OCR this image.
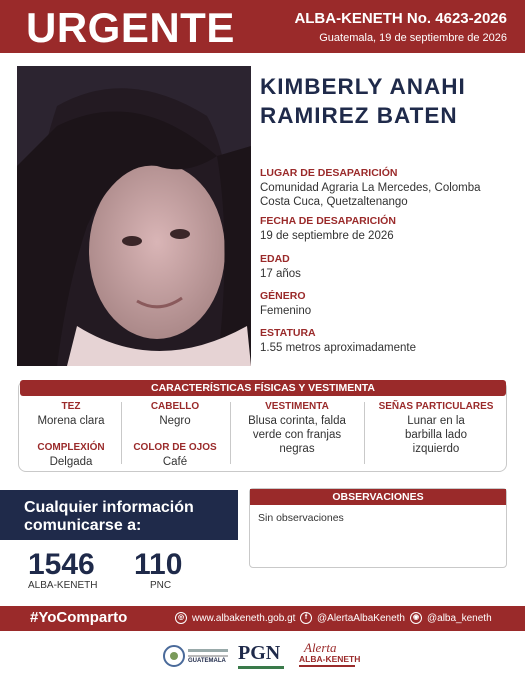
URGENTE	ALBA-KENETH No. 4623-2026
Guatemala, 19 de septiembre de 2026
KIMBERLY ANAHI
RAMIREZ BATEN
LUGAR DE DESAPARICIÓN
Comunidad Agraria La Mercedes, Colomba Costa Cuca, Quetzaltenango
FECHA DE DESAPARICIÓN
19 de septiembre de 2026
EDAD
17 años
GÉNERO
Femenino
ESTATURA
1.55 metros aproximadamente
CARACTERÍSTICAS FÍSICAS Y VESTIMENTA
TEZ
Morena clara
COMPLEXIÓN
Delgada
CABELLO
Negro
COLOR DE OJOS
Café
VESTIMENTA
Blusa corinta, falda verde con franjas negras
SEÑAS PARTICULARES
Lunar en la barbilla lado izquierdo
Cualquier información comunicarse a:
1546
ALBA-KENETH
110
PNC
OBSERVACIONES
Sin observaciones
#YoComparto	◎ www.albakeneth.gob.gt	f @AlertaAlbaKeneth	◉ @alba_keneth
GUATEMALA PGN Alerta
ALBA-KENETH
